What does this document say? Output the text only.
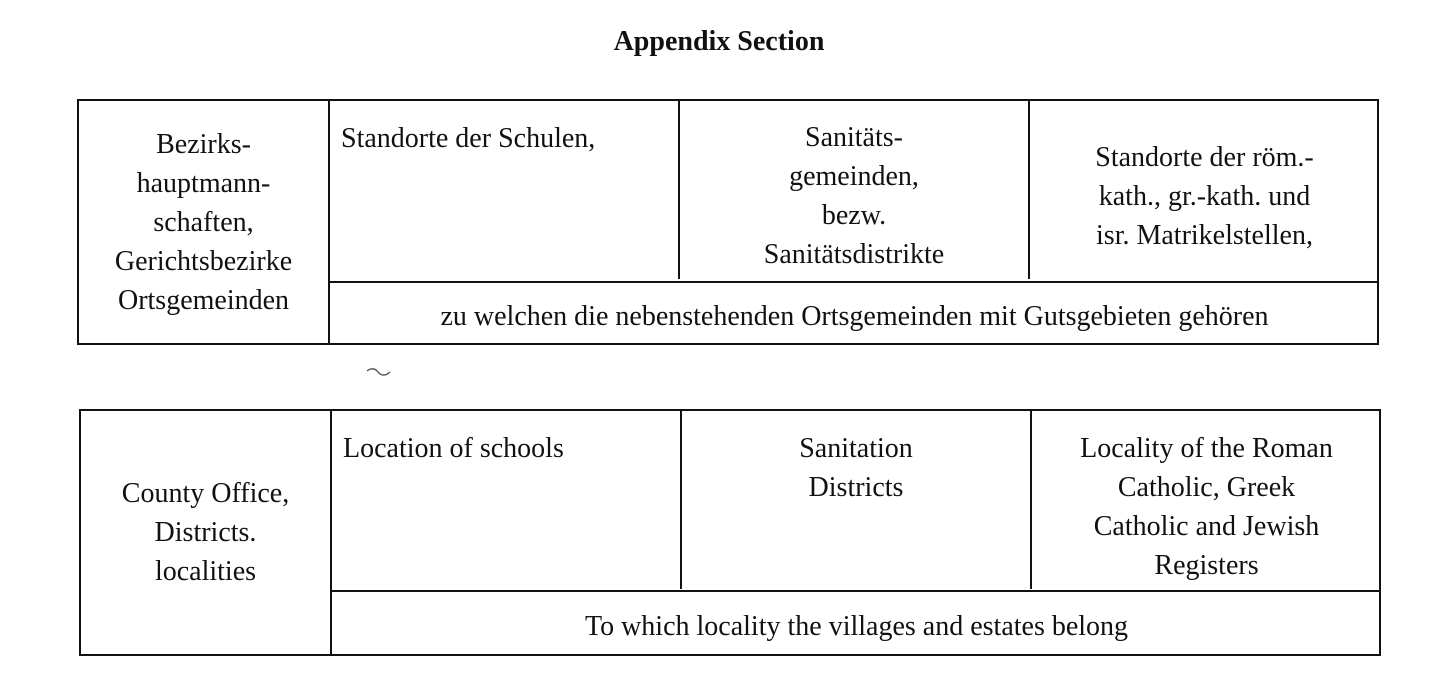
Appendix Section
Bezirks-
hauptmann-
schaften,
Gerichtsbezirke
Ortsgemeinden
Standorte der Schulen,	Sanitäts-
gemeinden,
bezw.
Sanitätsdistrikte
Standorte der röm.-
kath., gr.-kath. und
isr. Matrikelstellen,
zu welchen die nebenstehenden Ortsgemeinden mit Gutsgebieten gehören
County Office,
Districts.
localities
Location of schools	Sanitation
Districts
Locality of the Roman
Catholic, Greek
Catholic and Jewish
Registers
To which locality the villages and estates belong
